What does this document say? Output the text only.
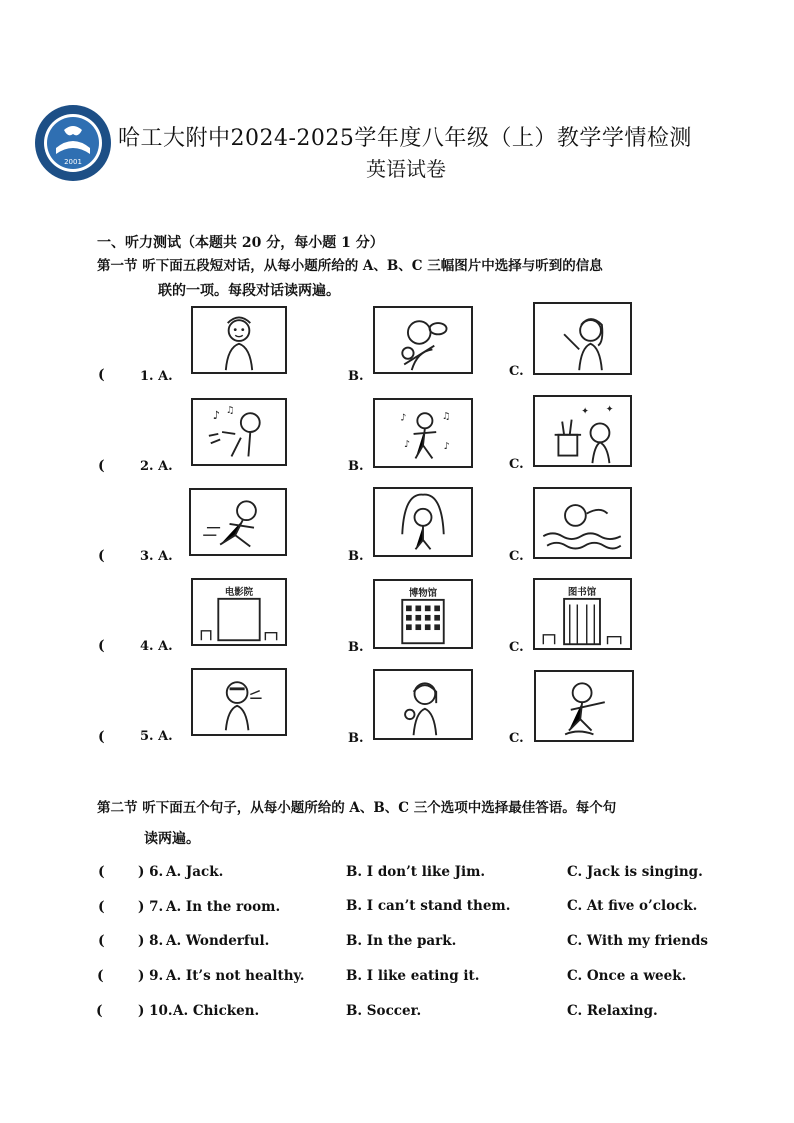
2001
哈工大附中2024-2025学年度八年级（上）教学学情检测
英语试卷
一、听力测试（本题共 20 分，每小题 1 分）
第一节 听下面五段短对话，从每小题所给的 A、B、C 三幅图片中选择与听到的信息
联的一项。每段对话读两遍。
(	1. A.	B.	C.
(	2. A.
♪ ♫
B.
♪	♫
♪	♪
C.
✦ ✦
(	3. A.	B.	C.
(	4. A.
电影院
B.
博物馆
C.
图书馆
(	5. A.	B.	C.
第二节 听下面五个句子，从每小题所给的 A、B、C 三个选项中选择最佳答语。每个句
读两遍。
( ) 6. A. Jack.	B. I don’t like Jim.	C. Jack is singing.
( ) 7. A. In the room.	B. I can’t stand them.	C. At five o’clock.
( ) 8. A. Wonderful.	B. In the park.	C. With my friends
(	) 9. A. It’s not healthy.	B. I like eating it.	C. Once a week.
(	) 10. A. Chicken.	B. Soccer.	C. Relaxing.
